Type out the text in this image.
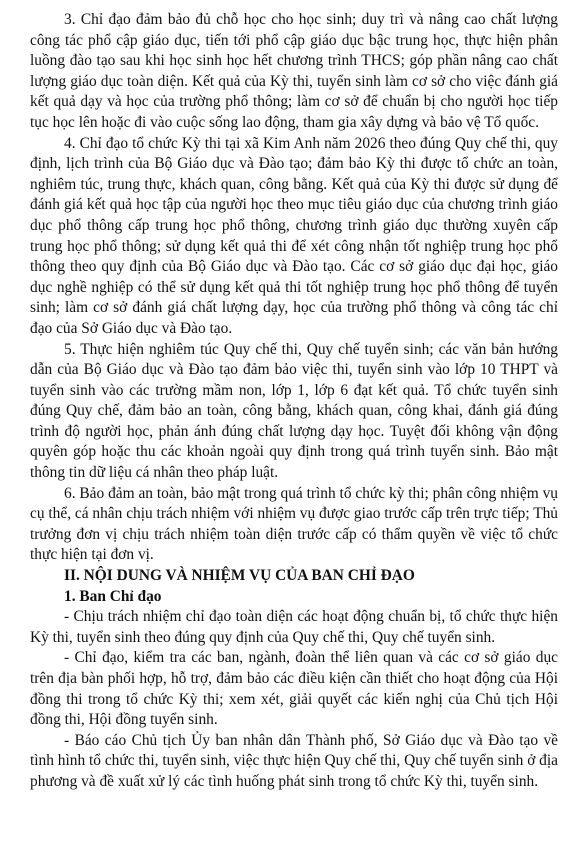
3. Chỉ đạo đảm bảo đủ chỗ học cho học sinh; duy trì và nâng cao chất lượng công tác phổ cập giáo dục, tiến tới phổ cập giáo dục bậc trung học, thực hiện phân luồng đào tạo sau khi học sinh học hết chương trình THCS; góp phần nâng cao chất lượng giáo dục toàn diện. Kết quả của Kỳ thi, tuyển sinh làm cơ sở cho việc đánh giá kết quả dạy và học của trường phổ thông; làm cơ sở để chuẩn bị cho người học tiếp tục học lên hoặc đi vào cuộc sống lao động, tham gia xây dựng và bảo vệ Tổ quốc.

4. Chỉ đạo tổ chức Kỳ thi tại xã Kim Anh năm 2026 theo đúng Quy chế thi, quy định, lịch trình của Bộ Giáo dục và Đào tạo; đảm bảo Kỳ thi được tổ chức an toàn, nghiêm túc, trung thực, khách quan, công bằng. Kết quả của Kỳ thi được sử dụng để đánh giá kết quả học tập của người học theo mục tiêu giáo dục của chương trình giáo dục phổ thông cấp trung học phổ thông, chương trình giáo dục thường xuyên cấp trung học phổ thông; sử dụng kết quả thi để xét công nhận tốt nghiệp trung học phổ thông theo quy định của Bộ Giáo dục và Đào tạo. Các cơ sở giáo dục đại học, giáo dục nghề nghiệp có thể sử dụng kết quả thi tốt nghiệp trung học phổ thông để tuyển sinh; làm cơ sở đánh giá chất lượng dạy, học của trường phổ thông và công tác chỉ đạo của Sở Giáo dục và Đào tạo.

5. Thực hiện nghiêm túc Quy chế thi, Quy chế tuyển sinh; các văn bản hướng dẫn của Bộ Giáo dục và Đào tạo đảm bảo việc thi, tuyển sinh vào lớp 10 THPT và tuyển sinh vào các trường mầm non, lớp 1, lớp 6 đạt kết quả. Tổ chức tuyển sinh đúng Quy chế, đảm bảo an toàn, công bằng, khách quan, công khai, đánh giá đúng trình độ người học, phản ánh đúng chất lượng dạy học. Tuyệt đối không vận động quyên góp hoặc thu các khoản ngoài quy định trong quá trình tuyển sinh. Bảo mật thông tin dữ liệu cá nhân theo pháp luật.

6. Bảo đảm an toàn, bảo mật trong quá trình tổ chức kỳ thi; phân công nhiệm vụ cụ thể, cá nhân chịu trách nhiệm với nhiệm vụ được giao trước cấp trên trực tiếp; Thủ trưởng đơn vị chịu trách nhiệm toàn diện trước cấp có thẩm quyền về việc tổ chức thực hiện tại đơn vị.

II. NỘI DUNG VÀ NHIỆM VỤ CỦA BAN CHỈ ĐẠO

1. Ban Chỉ đạo

- Chịu trách nhiệm chỉ đạo toàn diện các hoạt động chuẩn bị, tổ chức thực hiện Kỳ thi, tuyển sinh theo đúng quy định của Quy chế thi, Quy chế tuyển sinh.

- Chỉ đạo, kiểm tra các ban, ngành, đoàn thể liên quan và các cơ sở giáo dục trên địa bàn phối hợp, hỗ trợ, đảm bảo các điều kiện cần thiết cho hoạt động của Hội đồng thi trong tổ chức Kỳ thi; xem xét, giải quyết các kiến nghị của Chủ tịch Hội đồng thi, Hội đồng tuyển sinh.

- Báo cáo Chủ tịch Ủy ban nhân dân Thành phố, Sở Giáo dục và Đào tạo về tình hình tổ chức thi, tuyển sinh, việc thực hiện Quy chế thi, Quy chế tuyển sinh ở địa phương và đề xuất xử lý các tình huống phát sinh trong tổ chức Kỳ thi, tuyển sinh.
